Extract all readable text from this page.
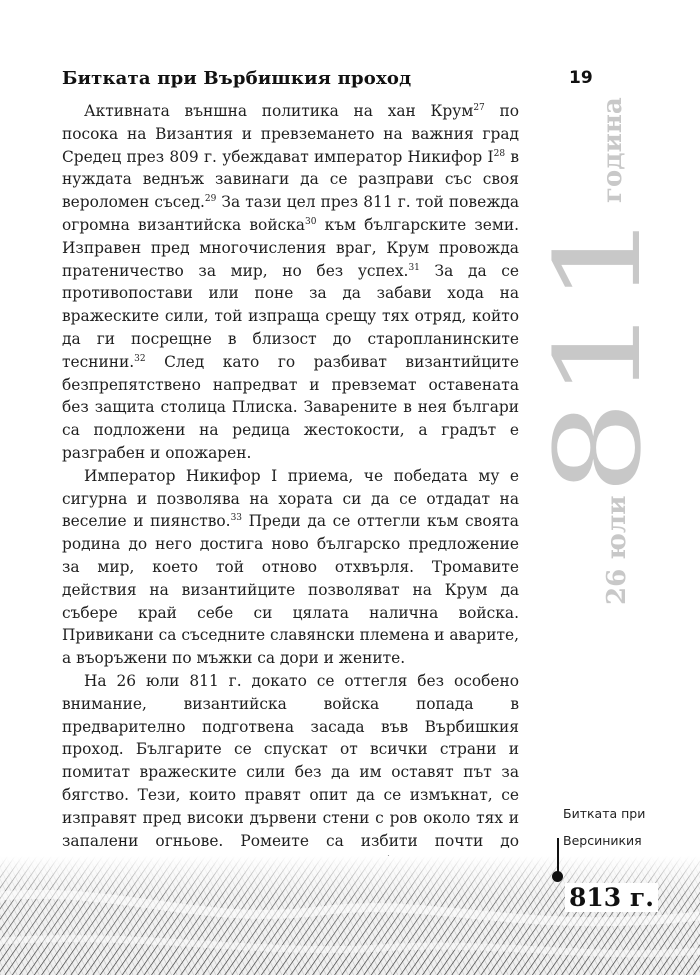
Битката при Върбишкия проход	19

Активната външна политика на хан Крум$^{27}$ по посока на Византия и превземането на важния град Средец през 809 г. убеждават император Никифор $I^{28}$ в нуждата веднъж завинаги да се разправи със своя вероломен съсед.$^{29}$ За тази цел през 811 г. той повежда огромна византийска войска$^{30}$ към българските земи. Изправен пред многочисления враг, Крум провожда пратеничество за мир, но без успех.$^{31}$ За да се противопостави или поне за да забави хода на вражеските сили, той изпраща срещу тях отряд, който да ги посрещне в близост до старопланинските теснини.$^{32}$ След като го разбиват византийците безпрепятствено напредват и превземат оставената без защита столица Плиска. Заварените в нея българи са подложени на редица жестокости, а градът е разграбен и опожарен.

Император Никифор I приема, че победата му е сигурна и позволява на хората си да се отдадат на веселие и пиянство.$^{33}$ Преди да се оттегли към своята родина до него достига ново българско предложение за мир, което той отново отхвърля. Тромавите действия на византийците позволяват на Крум да събере край себе си цялата налична войска. Привикани са съседните славянски племена и аварите, а въоръжени по мъжки са дори и жените.

На 26 юли 811 г. докато се оттегля без особено внимание, византийска войска попада в предварително подготвена засада във Върбишкия проход. Българите се спускат от всички страни и помитат вражеските сили без да им оставят път за бягство. Тези, които правят опит да се измъкнат, се изправят пред високи дървени стени с ров около тях и запалени огньове. Ромеите са избити почти до

26 юли
811
година
Битката при
Версиникия
813 г.
